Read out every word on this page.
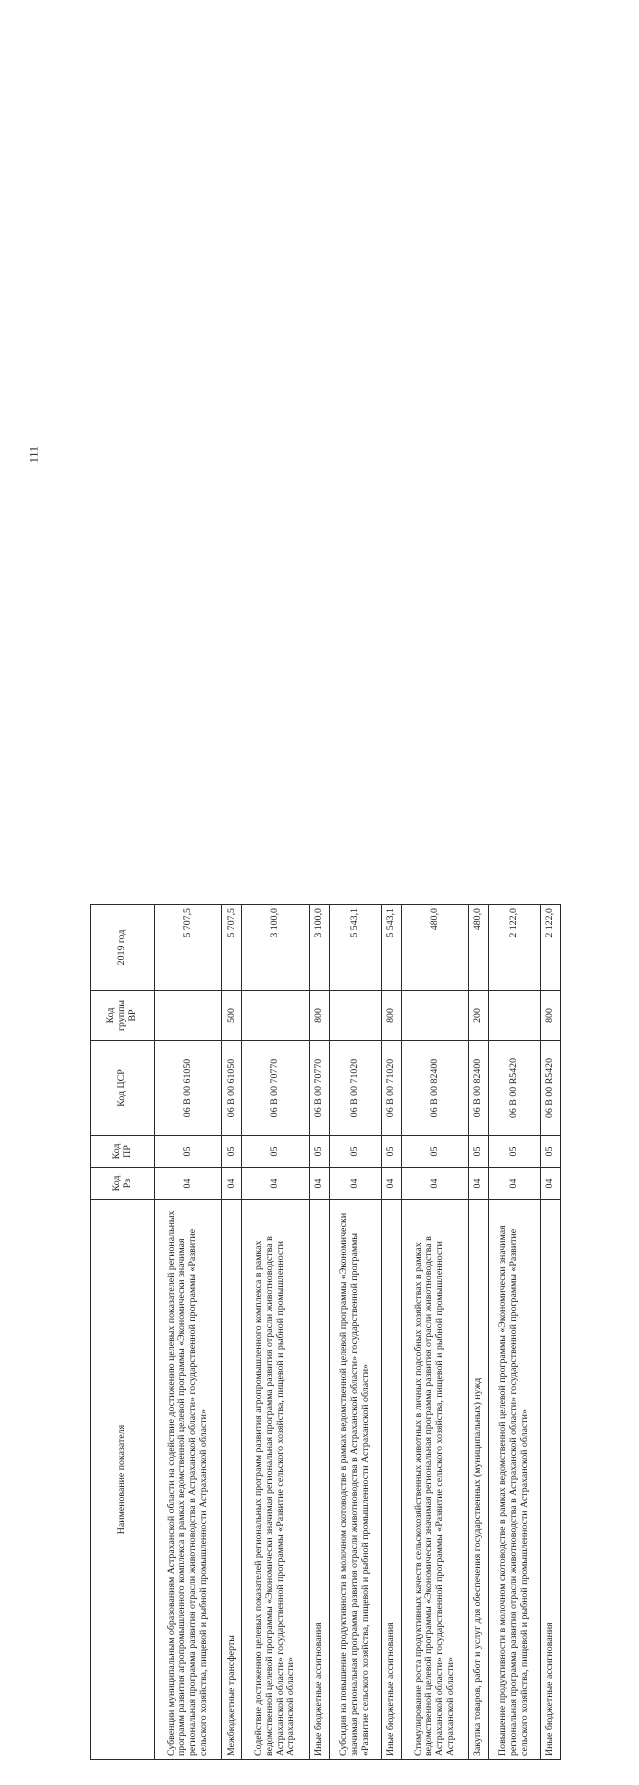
111
Наименование показателя	Код Рз	Код ПР	Код ЦСР	Код группы ВР	2019 год
Субвенции муниципальным образованиям Астраханской области на содействие достижению целевых показателей региональных программ развития агропромышленного комплекса в рамках ведомственной целевой программы «Экономически значимая региональная программа развития отрасли животноводства в Астраханской области» государственной программы «Развитие сельского хозяйства, пищевой и рыбной промышленности Астраханской области»	04	05	06 В 00 61050		5 707,5
Межбюджетные трансферты	04	05	06 В 00 61050	500	5 707,5
Содействие достижению целевых показателей региональных программ развития агропромышленного комплекса в рамках ведомственной целевой программы «Экономически значимая региональная программа развития отрасли животноводства в Астраханской области» государственной программы «Развитие сельского хозяйства, пищевой и рыбной промышленности Астраханской области»	04	05	06 В 00 70770		3 100,0
Иные бюджетные ассигнования	04	05	06 В 00 70770	800	3 100,0
Субсидия на повышение продуктивности в молочном скотоводстве в рамках ведомственной целевой программы «Экономически значимая региональная программа развития отрасли животноводства в Астраханской области» государственной программы «Развитие сельского хозяйства, пищевой и рыбной промышленности Астраханской области»	04	05	06 В 00 71020		5 543,1
Иные бюджетные ассигнования	04	05	06 В 00 71020	800	5 543,1
Стимулирование роста продуктивных качеств сельскохозяйственных животных в личных подсобных хозяйствах в рамках ведомственной целевой программы «Экономически значимая региональная программа развития отрасли животноводства в Астраханской области» государственной программы «Развитие сельского хозяйства, пищевой и рыбной промышленности Астраханской области»	04	05	06 В 00 82400		480,0
Закупка товаров, работ и услуг для обеспечения государственных (муниципальных) нужд	04	05	06 В 00 82400	200	480,0
Повышение продуктивности в молочном скотоводстве в рамках ведомственной целевой программы «Экономически значимая региональная программа развития отрасли животноводства в Астраханской области» государственной программы «Развитие сельского хозяйства, пищевой и рыбной промышленности Астраханской области»	04	05	06 В 00 R5420		2 122,0
Иные бюджетные ассигнования	04	05	06 В 00 R5420	800	2 122,0
